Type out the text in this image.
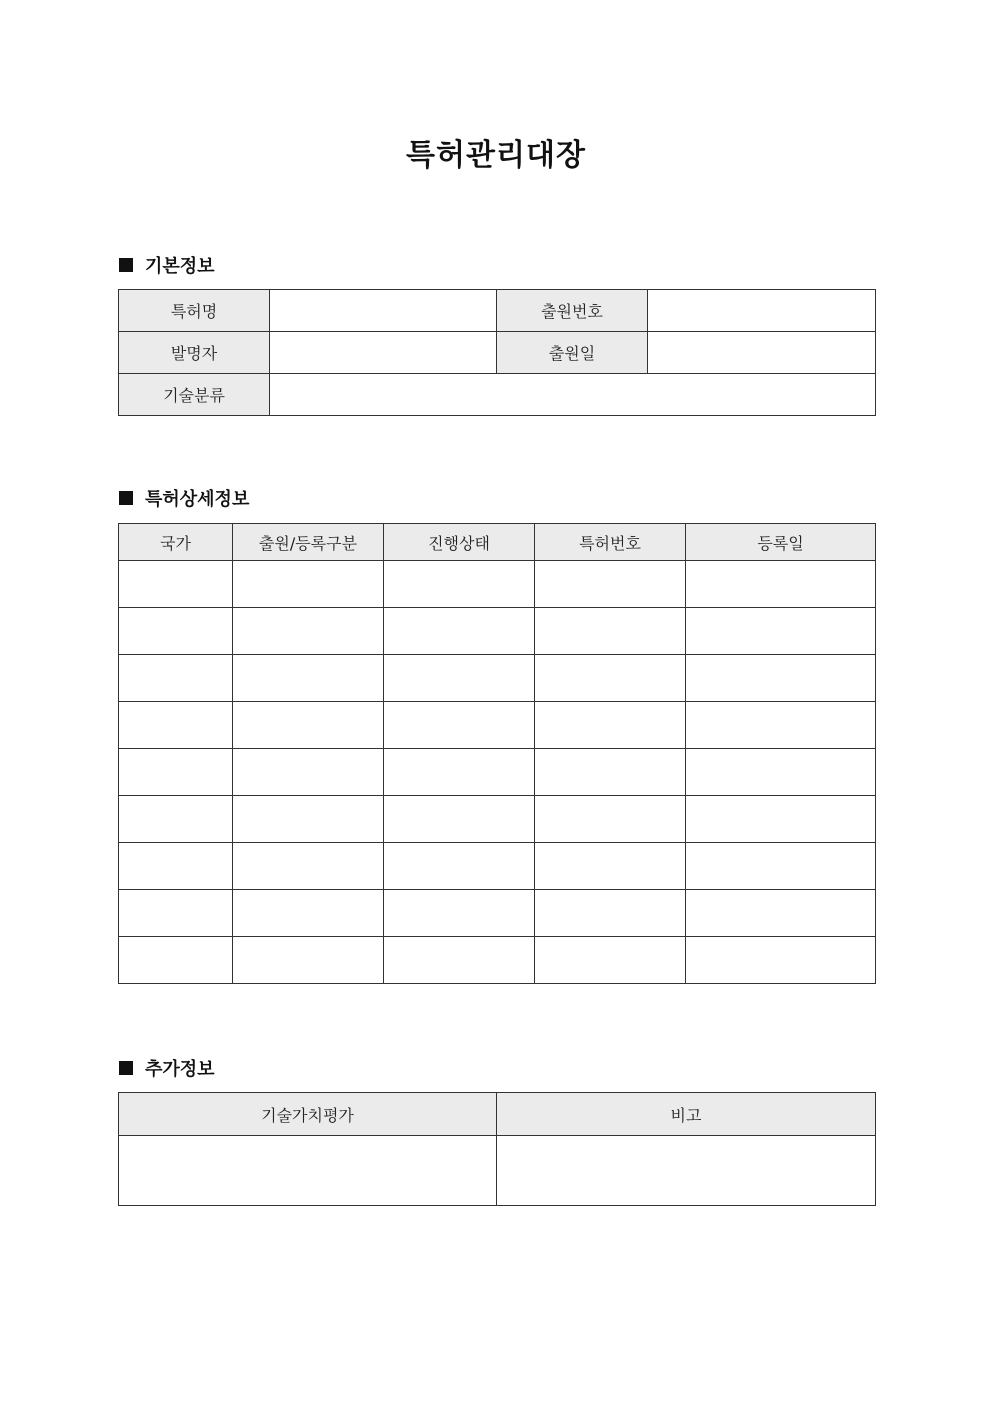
특허관리대장
기본정보
특허명		출원번호	
발명자		출원일	
기술분류			
특허상세정보
국가	출원/등록구분	진행상태	특허번호	등록일

추가정보
기술가치평가	비고
